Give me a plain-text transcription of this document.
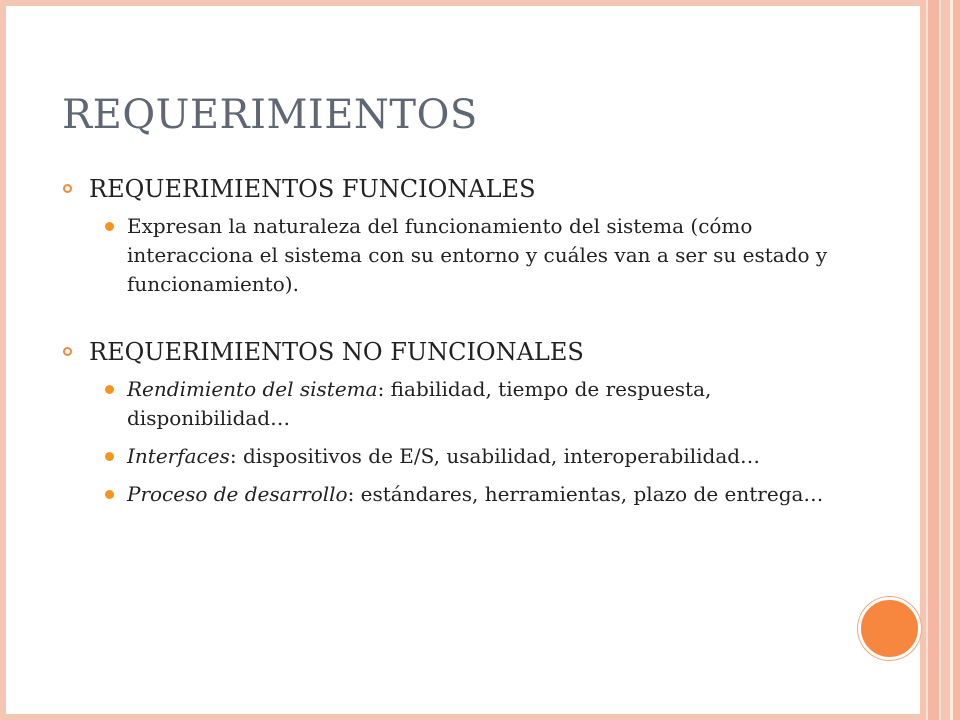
REQUERIMIENTOS
REQUERIMIENTOS FUNCIONALES
Expresan la naturaleza del funcionamiento del sistema (cómo interacciona el sistema con su entorno y cuáles van a ser su estado y funcionamiento).
REQUERIMIENTOS NO FUNCIONALES
Rendimiento del sistema: fiabilidad, tiempo de respuesta, disponibilidad…
Interfaces: dispositivos de E/S, usabilidad, interoperabilidad…
Proceso de desarrollo: estándares, herramientas, plazo de entrega…
